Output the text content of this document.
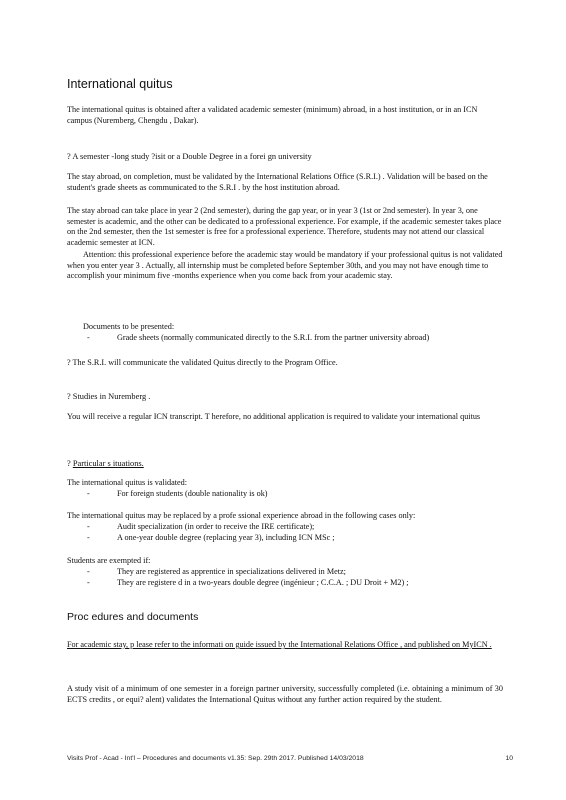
International quitus
The international quitus is obtained after a validated academic semester (minimum) abroad, in a host institution, or in an ICN campus (Nuremberg, Chengdu , Dakar).
? A semester -long study ?isit or a Double Degree in a forei gn university
The stay abroad, on completion, must be validated by the International Relations Office (S.R.I.) . Validation will be based on the student's grade sheets as communicated to the S.R.I . by the host institution abroad.
The stay abroad can take place in year 2 (2nd semester), during the gap year, or in year 3 (1st or 2nd semester). In year 3, one semester is academic, and the other can be dedicated to a professional experience. For example, if the academic semester takes place on the 2nd semester, then the 1st semester is free for a professional experience. Therefore, students may not attend our classical academic semester at ICN.
Attention: this professional experience before the academic stay would be mandatory if your professional quitus is not validated when you enter year 3 . Actually, all internship must be completed before September 30th, and you may not have enough time to accomplish your minimum five -months experience when you come back from your academic stay.
Documents to be presented:
-	Grade sheets (normally communicated directly to the S.R.I. from the partner university abroad)
? The S.R.I. will communicate the validated Quitus directly to the Program Office.
? Studies in Nuremberg .
You will receive a regular ICN transcript. T herefore, no additional application is required to validate your international quitus
? Particular s ituations.
The international quitus is validated:
-	For foreign students (double nationality is ok)
The international quitus may be replaced by a profe ssional experience abroad in the following cases only:
-	Audit specialization (in order to receive the IRE certificate);
-	A one-year double degree (replacing year 3), including ICN MSc ;
Students are exempted if:
-	They are registered as apprentice in specializations delivered in Metz;
-	They are registere d in a two-years double degree (ingénieur ; C.C.A. ; DU Droit + M2) ;
Proc edures and documents
For academic stay, p lease refer to the informati on guide issued by the International Relations Office , and published on MyICN .
A study visit of a minimum of one semester in a foreign partner university, successfully completed (i.e. obtaining a minimum of 30 ECTS credits , or equi? alent) validates the International Quitus without any further action required by the student.
Visits Prof - Acad - Int'l – Procedures and documents v1.35: Sep. 29th 2017. Published 14/03/2018	10
